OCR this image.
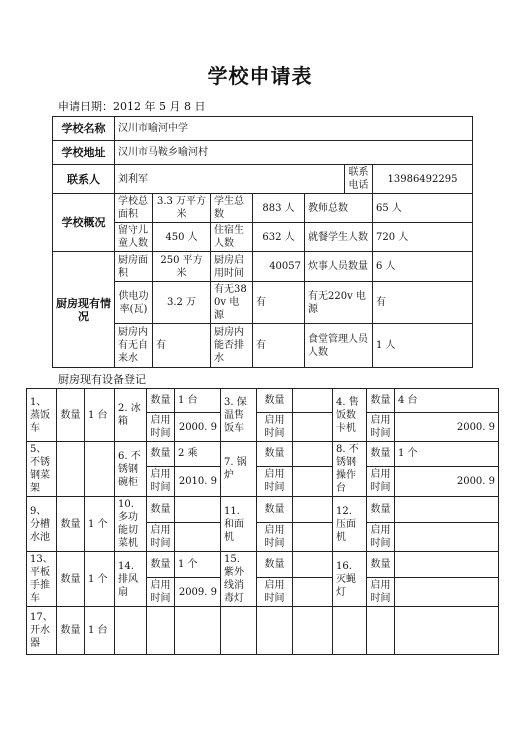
学校申请表
申请日期：2012 年 5 月 8 日
学校名称	汉川市喻河中学						
学校地址	汉川市马鞍乡喻河村						
联系人	刘利军					联系电话	13986492295
学校概况	学校总面积	3.3 万平方米	学生总数	883 人	教师总数		65 人
	留守儿童人数	450 人	住宿生人数	632 人	就餐学生人数		720 人
厨房现有情况	厨房面积	250 平方米	厨房启用时间	40057	炊事人员数量		6 人
	供电功率(瓦)	3.2 万	有无380v 电源	有	有无220v 电源		有
	厨房内有无自来水	有	厨房内能否排水	有	食堂管理人员人数		1 人
厨房现有设备登记
1、蒸饭车	数量	1 台	2. 冰箱	数量	1 台	3. 保温售饭车	数量		4. 售饭数卡机	数量	4 台
				启用时间	2000. 9		启用时间			启用时间	2000. 9
5、不锈钢菜架			6. 不锈钢碗柜	数量	2 乘	7. 锅炉	数量		8. 不锈钢操作台	数量	1 个
				启用时间	2010. 9		启用时间			启用时间	2000. 9
9、分槽水池	数量	1 个	10. 多功能切菜机	数量		11. 和面机	数量		12. 压面机	数量	
				启用时间			启用时间			启用时间	
13、平板手推车	数量	1 个	14. 排风扇	数量	1 个	15. 紫外线消毒灯	数量		16. 灭蝇灯	数量	
				启用时间	2009. 9		启用时间			启用时间	
17、开水器	数量	1 台									
